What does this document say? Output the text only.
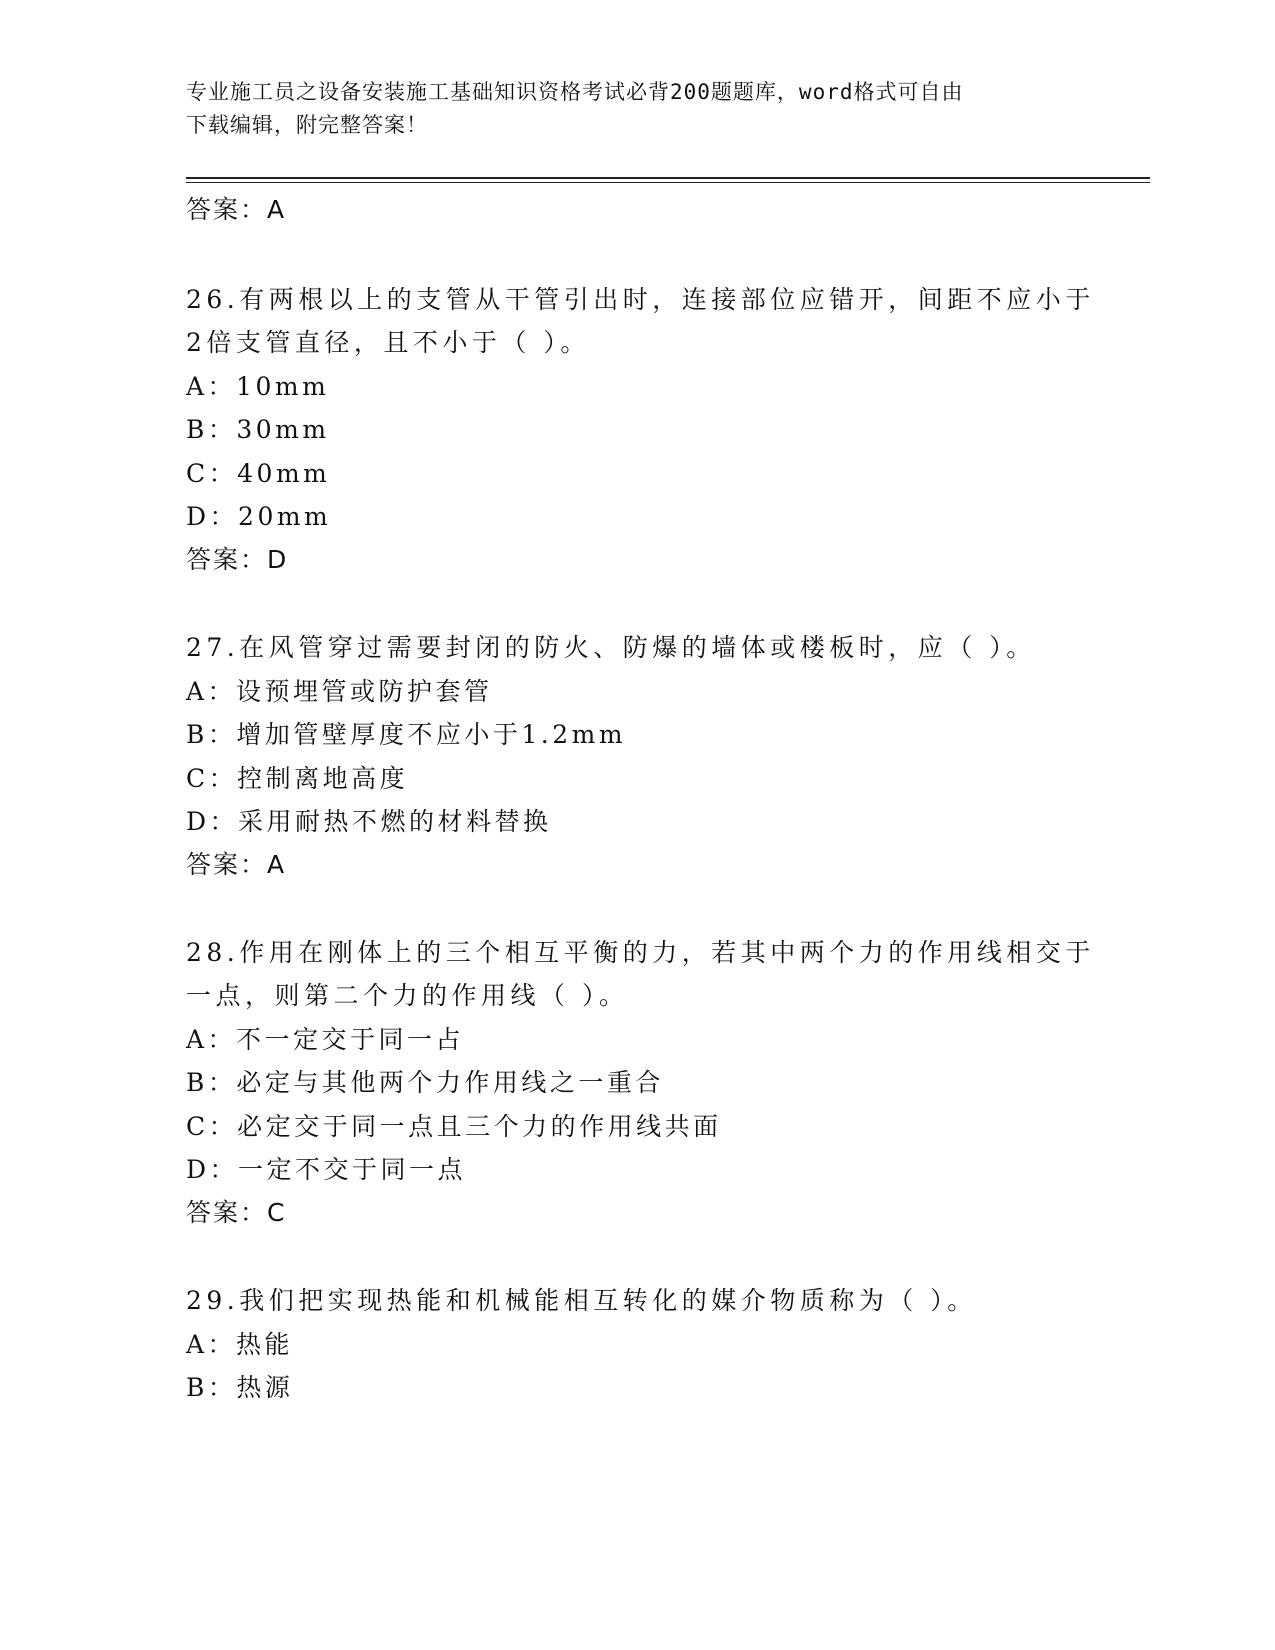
专业施工员之设备安装施工基础知识资格考试必背200题题库，word格式可自由
下载编辑，附完整答案！
答案：A
26.有两根以上的支管从干管引出时，连接部位应错开，间距不应小于
2倍支管直径，且不小于（ ）。
A：10mm
B：30mm
C：40mm
D：20mm
答案：D
27.在风管穿过需要封闭的防火、防爆的墙体或楼板时，应（ ）。
A：设预埋管或防护套管
B：增加管壁厚度不应小于1.2mm
C：控制离地高度
D：采用耐热不燃的材料替换
答案：A
28.作用在刚体上的三个相互平衡的力，若其中两个力的作用线相交于
一点，则第二个力的作用线（ ）。
A：不一定交于同一占
B：必定与其他两个力作用线之一重合
C：必定交于同一点且三个力的作用线共面
D：一定不交于同一点
答案：C
29.我们把实现热能和机械能相互转化的媒介物质称为（ ）。
A：热能
B：热源
